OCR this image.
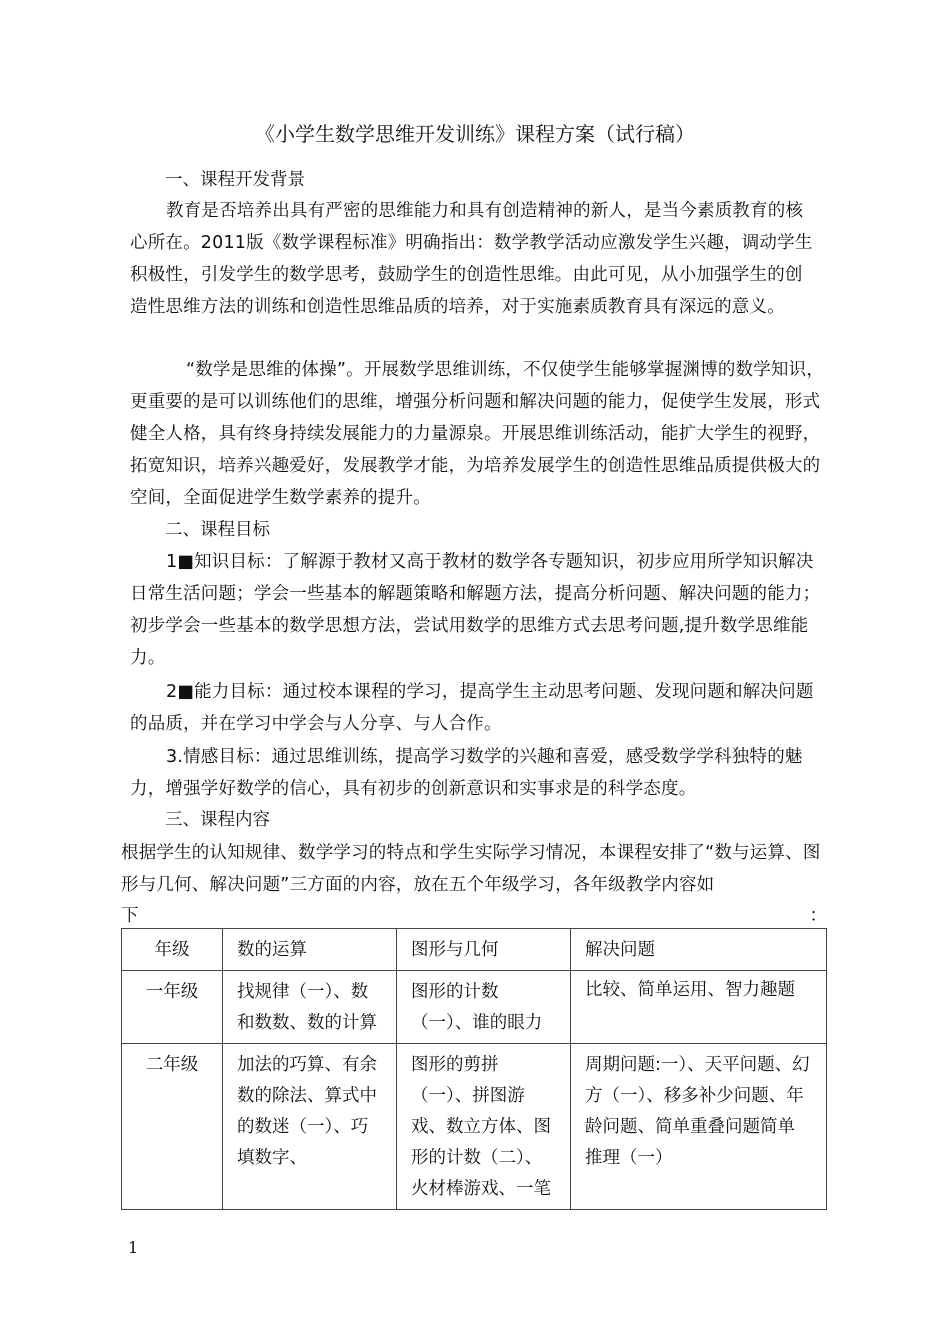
《小学生数学思维开发训练》课程方案（试行稿）
一、课程开发背景

教育是否培养出具有严密的思维能力和具有创造精神的新人，是当今素质教育的核心所在。2011版《数学课程标准》明确指出：数学教学活动应激发学生兴趣，调动学生积极性，引发学生的数学思考，鼓励学生的创造性思维。由此可见，从小加强学生的创造性思维方法的训练和创造性思维品质的培养，对于实施素质教育具有深远的意义。

“数学是思维的体操”。开展数学思维训练，不仅使学生能够掌握渊博的数学知识，更重要的是可以训练他们的思维，增强分析问题和解决问题的能力，促使学生发展，形式健全人格，具有终身持续发展能力的力量源泉。开展思维训练活动，能扩大学生的视野，拓宽知识，培养兴趣爱好，发展教学才能，为培养发展学生的创造性思维品质提供极大的空间，全面促进学生数学素养的提升。

二、课程目标

1■知识目标：了解源于教材又高于教材的数学各专题知识，初步应用所学知识解决日常生活问题；学会一些基本的解题策略和解题方法，提高分析问题、解决问题的能力；初步学会一些基本的数学思想方法，尝试用数学的思维方式去思考问题,提升数学思维能力。

2■能力目标：通过校本课程的学习，提高学生主动思考问题、发现问题和解决问题的品质，并在学习中学会与人分享、与人合作。

3.情感目标：通过思维训练，提高学习数学的兴趣和喜爱，感受数学学科独特的魅力，增强学好数学的信心，具有初步的创新意识和实事求是的科学态度。

三、课程内容

根据学生的认知规律、数学学习的特点和学生实际学习情况，本课程安排了“数与运算、图形与几何、解决问题”三方面的内容，放在五个年级学习，各年级教学内容如

下	：
年级	数的运算	图形与几何	解决问题
一年级	找规律（一）、数和数数、数的计算	图形的计数（一）、谁的眼力	比较、简单运用、智力趣题

二年级	加法的巧算、有余数的除法、算式中的数迷（一）、巧填数字、	图形的剪拼（一）、拼图游戏、数立方体、图形的计数（二）、火材棒游戏、一笔	周期问题:一）、天平问题、幻方（一）、移多补少问题、年龄问题、简单重叠问题简单推理（一）
1
